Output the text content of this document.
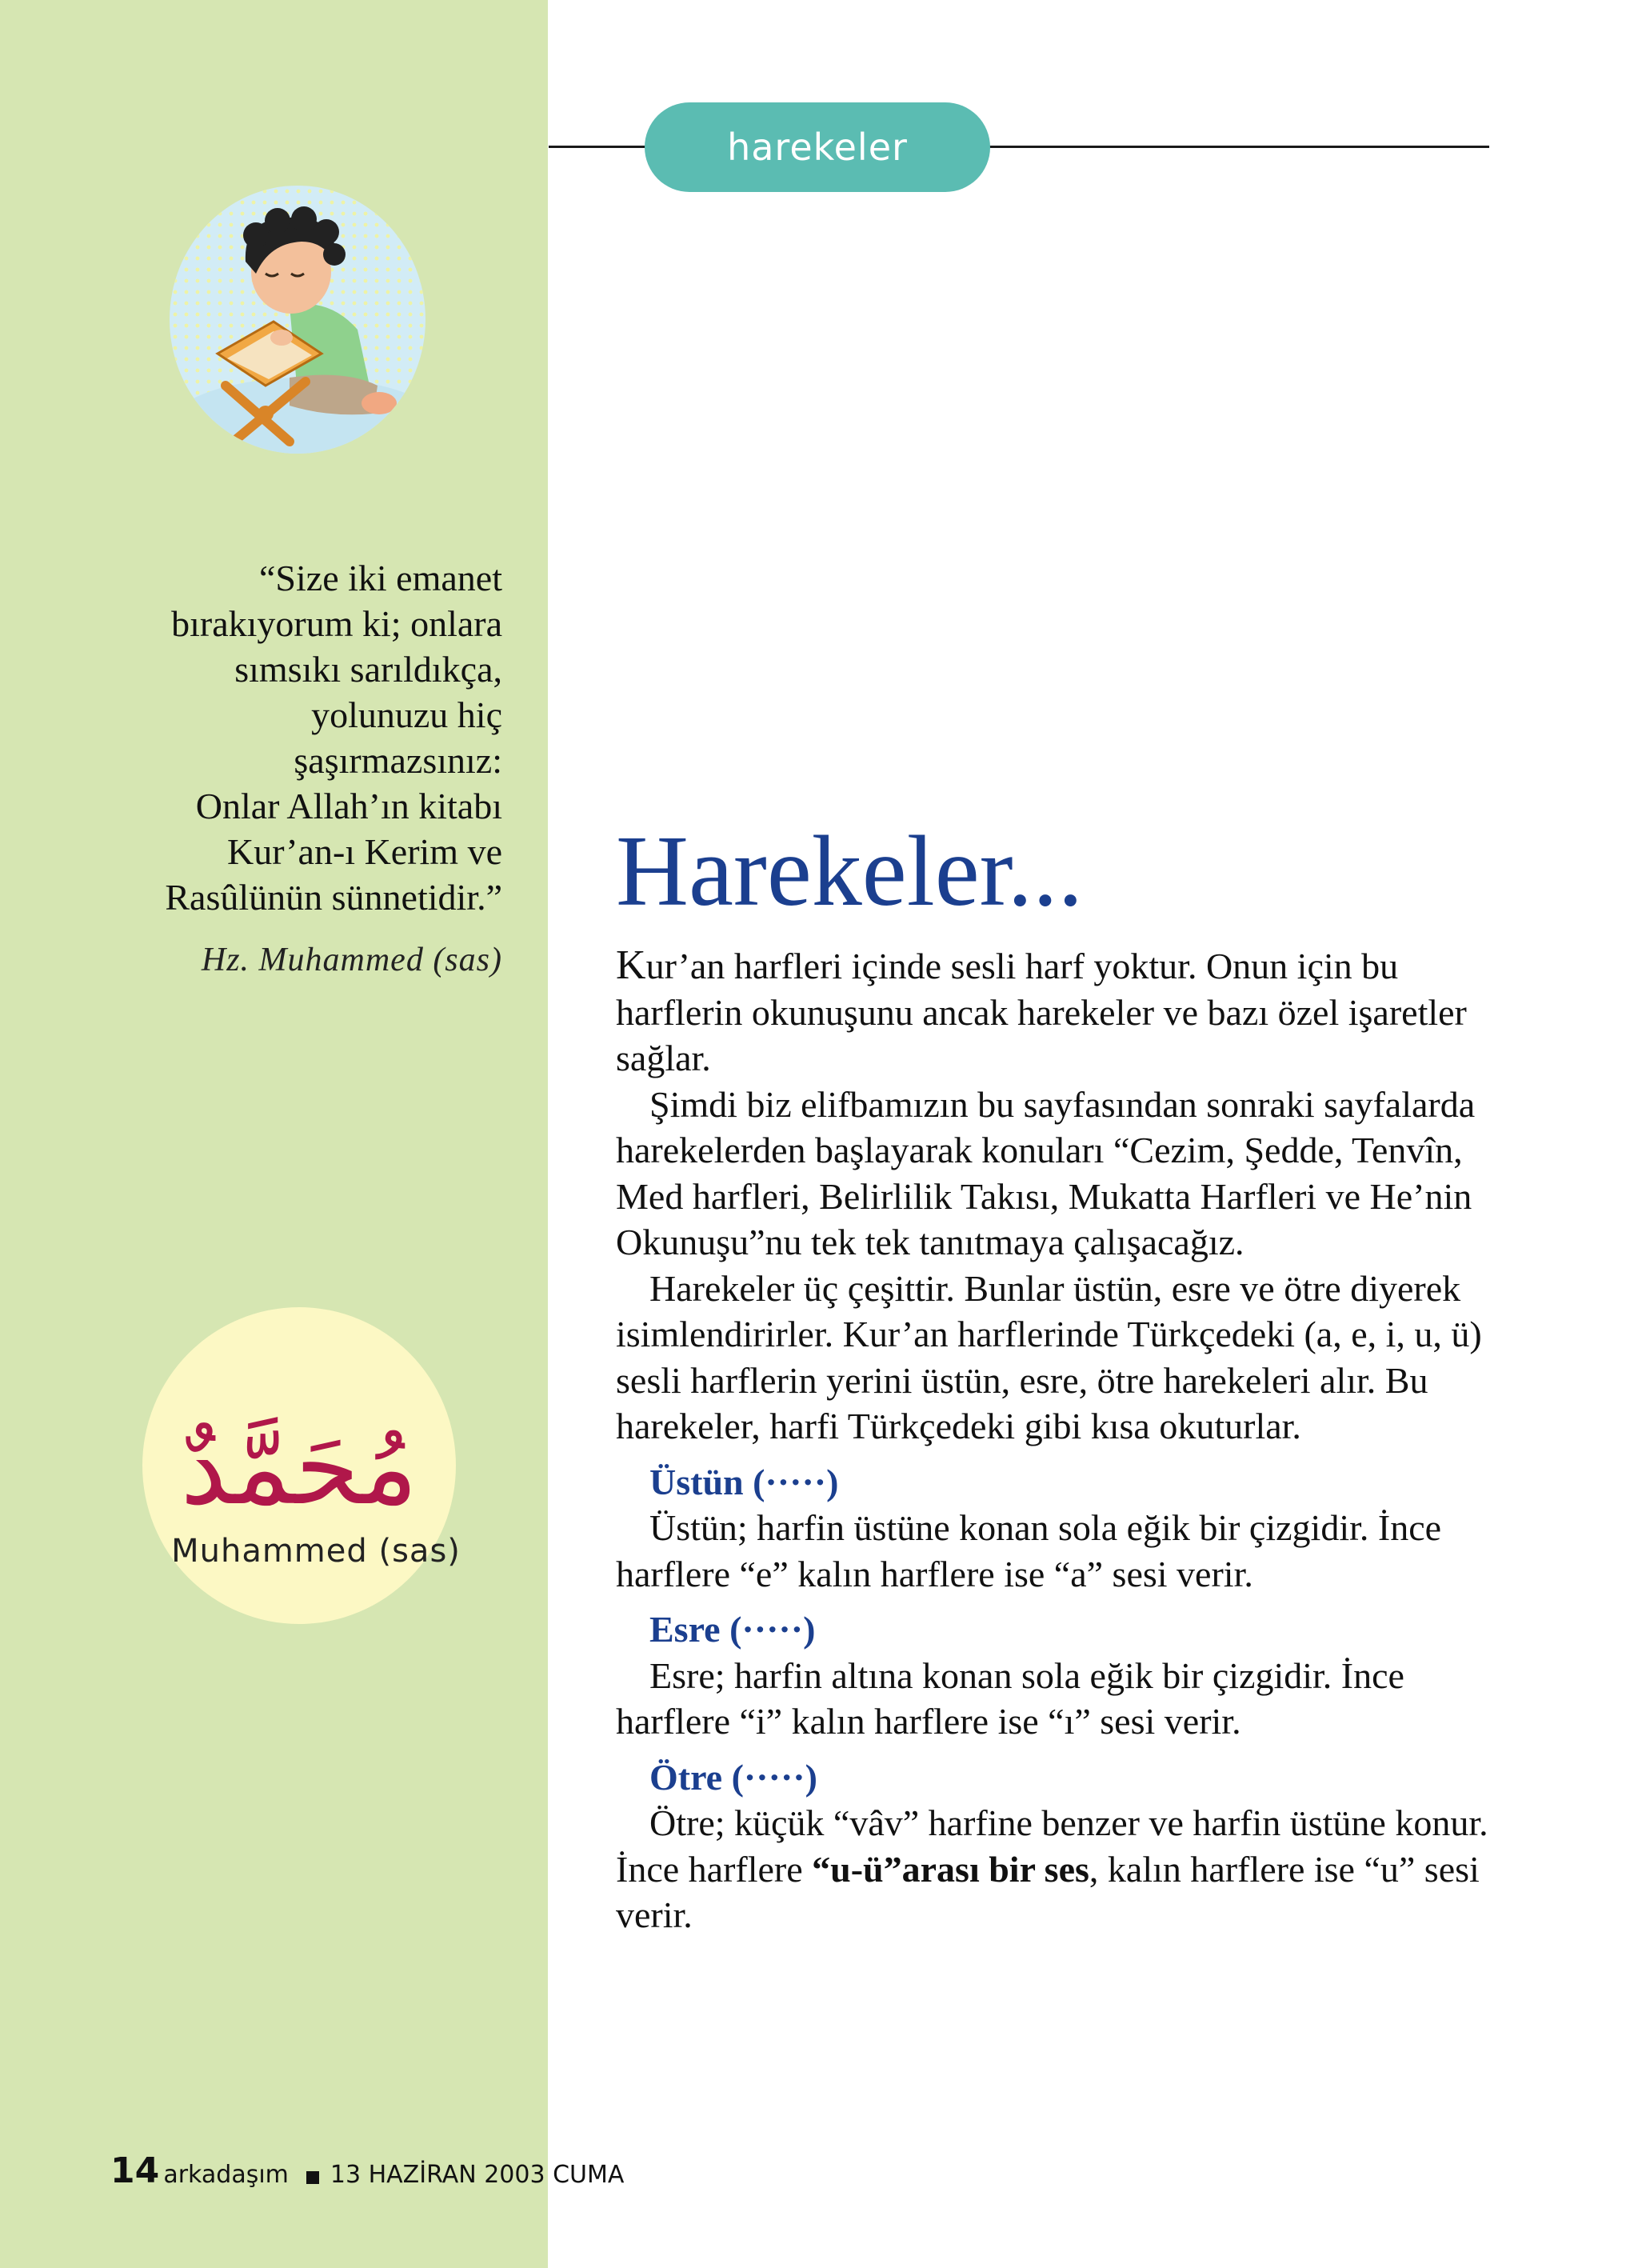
harekeler

“Size iki emanet

bırakıyorum ki; onlara

sımsıkı sarıldıkça,

yolunuzu hiç

şaşırmazsınız:

Onlar Allah’ın kitabı

Kur’an-ı Kerim ve

Rasûlünün sünnetidir.”

Hz. Muhammed (sas)
مُحَمَّدٌ
Muhammed (sas)
Harekeler...

Kur’an harfleri içinde sesli harf yoktur. Onun için bu harflerin okunuşunu ancak harekeler ve bazı özel işaretler sağlar.

Şimdi biz elifbamızın bu sayfasından sonraki sayfalarda harekelerden başlayarak konuları “Cezim, Şedde, Tenvîn, Med harfleri, Belirlilik Takısı, Mukatta Harfleri ve He’nin Okunuşu”nu tek tek tanıtmaya çalışacağız.

Harekeler üç çeşittir. Bunlar üstün, esre ve ötre diyerek isimlendirirler. Kur’an harflerinde Türkçedeki (a, e, i, u, ü) sesli harflerin yerini üstün, esre, ötre harekeleri alır. Bu harekeler, harfi Türkçedeki gibi kısa okuturlar.

Üstün (·····)

Üstün; harfin üstüne konan sola eğik bir çizgidir. İnce harflere “e” kalın harflere ise “a” sesi verir.

Esre (·····)

Esre; harfin altına konan sola eğik bir çizgidir. İnce harflere “i” kalın harflere ise “ı” sesi verir.

Ötre (·····)

Ötre; küçük “vâv” harfine benzer ve harfin üstüne konur. İnce harflere “u-ü”arası bir ses, kalın harflere ise “u” sesi verir.

14 arkadaşım 13 HAZİRAN 2003 CUMA
